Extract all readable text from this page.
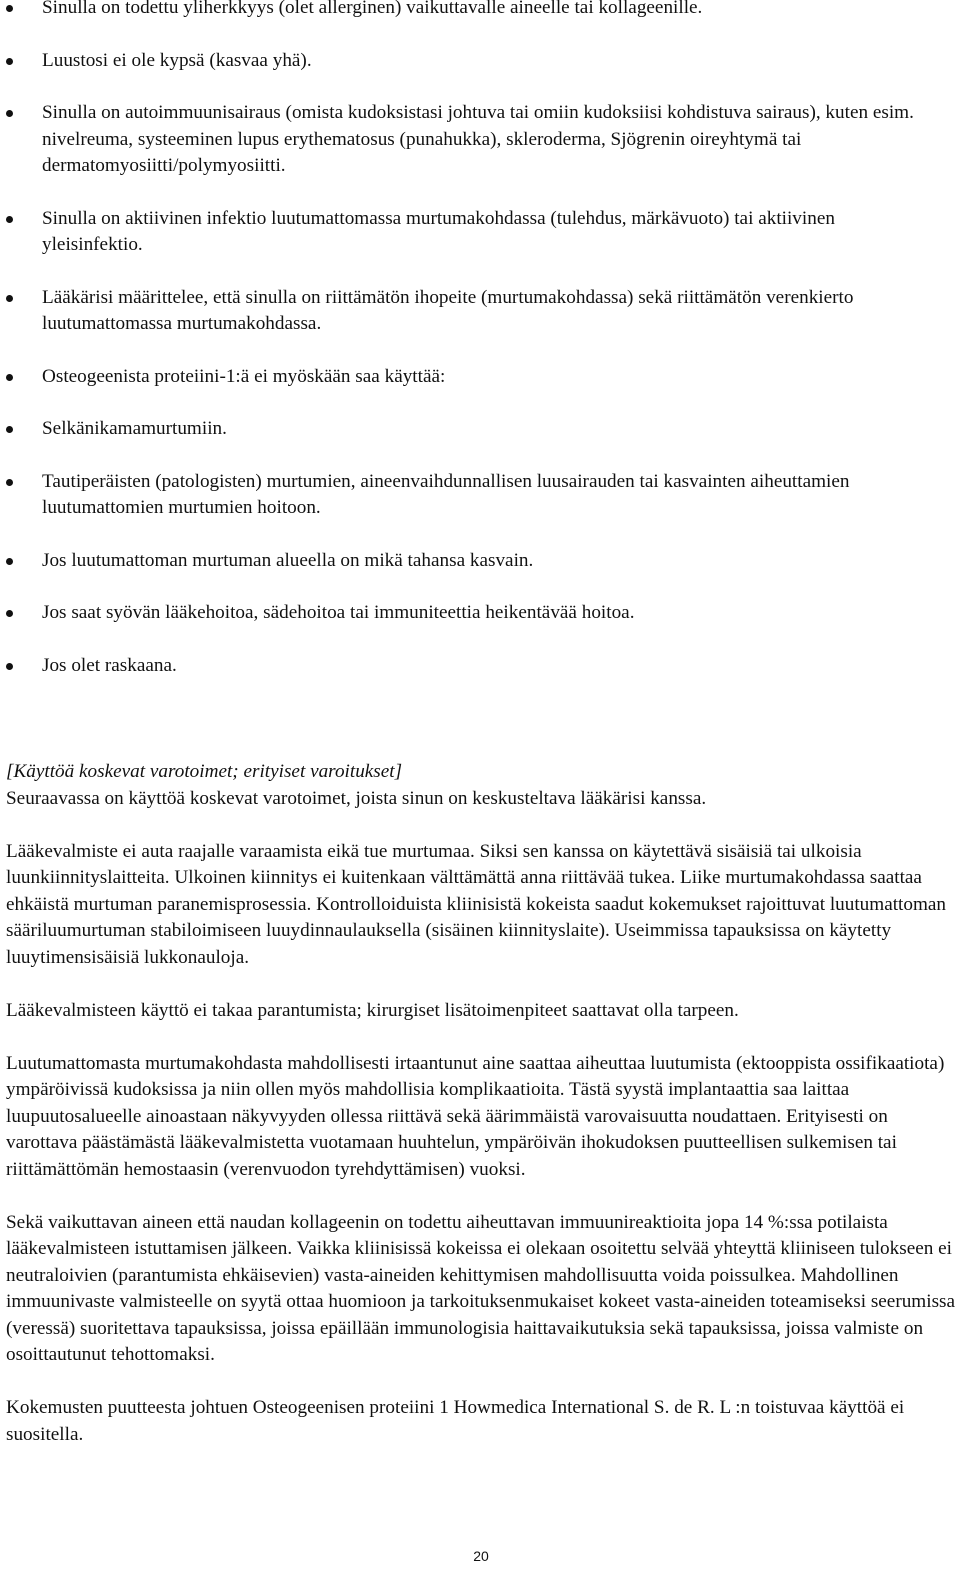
Sinulla on todettu yliherkkyys (olet allerginen) vaikuttavalle aineelle tai kollageenille.
Luustosi ei ole kypsä (kasvaa yhä).
Sinulla on autoimmuunisairaus (omista kudoksistasi johtuva tai omiin kudoksiisi kohdistuva sairaus), kuten esim. nivelreuma, systeeminen lupus erythematosus (punahukka), skleroderma, Sjögrenin oireyhtymä tai dermatomyosiitti/polymyosiitti.
Sinulla on aktiivinen infektio luutumattomassa murtumakohdassa (tulehdus, märkävuoto) tai aktiivinen yleisinfektio.
Lääkärisi määrittelee, että sinulla on riittämätön ihopeite (murtumakohdassa) sekä riittämätön verenkierto luutumattomassa murtumakohdassa.
Osteogeenista proteiini-1:ä ei myöskään saa käyttää:
Selkänikamamurtumiin.
Tautiperäisten (patologisten) murtumien, aineenvaihdunnallisen luusairauden tai kasvainten aiheuttamien luutumattomien murtumien hoitoon.
Jos luutumattoman murtuman alueella on mikä tahansa kasvain.
Jos saat syövän lääkehoitoa, sädehoitoa tai immuniteettia heikentävää hoitoa.
Jos olet raskaana.

[Käyttöä koskevat varotoimet; erityiset varoitukset]

Seuraavassa on käyttöä koskevat varotoimet, joista sinun on keskusteltava lääkärisi kanssa.

Lääkevalmiste ei auta raajalle varaamista eikä tue murtumaa. Siksi sen kanssa on käytettävä sisäisiä tai ulkoisia luunkiinnityslaitteita. Ulkoinen kiinnitys ei kuitenkaan välttämättä anna riittävää tukea. Liike murtumakohdassa saattaa ehkäistä murtuman paranemisprosessia. Kontrolloiduista kliinisistä kokeista saadut kokemukset rajoittuvat luutumattoman sääriluumurtuman stabiloimiseen luuydinnaulauksella (sisäinen kiinnityslaite). Useimmissa tapauksissa on käytetty luuytimensisäisiä lukkonauloja.

Lääkevalmisteen käyttö ei takaa parantumista; kirurgiset lisätoimenpiteet saattavat olla tarpeen.

Luutumattomasta murtumakohdasta mahdollisesti irtaantunut aine saattaa aiheuttaa luutumista (ektooppista ossifikaatiota) ympäröivissä kudoksissa ja niin ollen myös mahdollisia komplikaatioita. Tästä syystä implantaattia saa laittaa luupuutosalueelle ainoastaan näkyvyyden ollessa riittävä sekä äärimmäistä varovaisuutta noudattaen. Erityisesti on varottava päästämästä lääkevalmistetta vuotamaan huuhtelun, ympäröivän ihokudoksen puutteellisen sulkemisen tai riittämättömän hemostaasin (verenvuodon tyrehdyttämisen) vuoksi.

Sekä vaikuttavan aineen että naudan kollageenin on todettu aiheuttavan immuunireaktioita jopa 14 %:ssa potilaista lääkevalmisteen istuttamisen jälkeen. Vaikka kliinisissä kokeissa ei olekaan osoitettu selvää yhteyttä kliiniseen tulokseen ei neutraloivien (parantumista ehkäisevien) vasta-aineiden kehittymisen mahdollisuutta voida poissulkea. Mahdollinen immuunivaste valmisteelle on syytä ottaa huomioon ja tarkoituksenmukaiset kokeet vasta-aineiden toteamiseksi seerumissa (veressä) suoritettava tapauksissa, joissa epäillään immunologisia haittavaikutuksia sekä tapauksissa, joissa valmiste on osoittautunut tehottomaksi.

Kokemusten puutteesta johtuen Osteogeenisen proteiini 1 Howmedica International S. de R. L :n toistuvaa käyttöä ei suositella.

20
